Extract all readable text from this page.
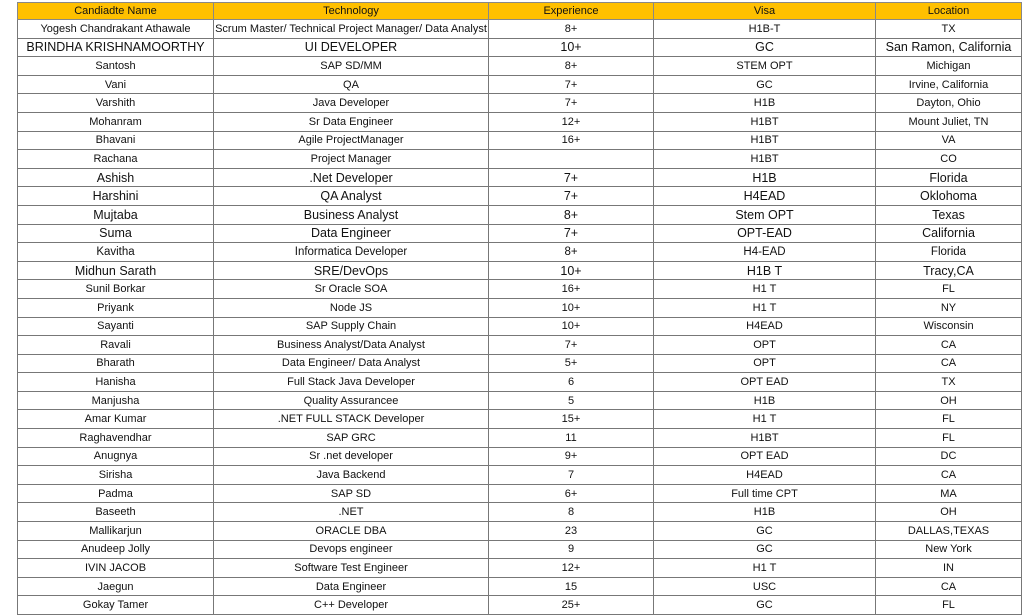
Candiadte Name	Technology	Experience	Visa	Location
Yogesh Chandrakant Athawale	Scrum Master/ Technical Project Manager/ Data Analyst	8+	H1B-T	TX
BRINDHA KRISHNAMOORTHY	UI DEVELOPER	10+	GC	San Ramon, California
Santosh	SAP SD/MM	8+	STEM OPT	Michigan
Vani	QA	7+	GC	Irvine, California
Varshith	Java Developer	7+	H1B	Dayton, Ohio
Mohanram	Sr Data Engineer	12+	H1BT	Mount Juliet, TN
Bhavani	Agile ProjectManager	16+	H1BT	VA
Rachana	Project Manager		H1BT	CO
Ashish	.Net Developer	7+	H1B	Florida
Harshini	QA Analyst	7+	H4EAD	Oklohoma
Mujtaba	Business Analyst	8+	Stem OPT	Texas
Suma	Data Engineer	7+	OPT-EAD	California
Kavitha	Informatica Developer	8+	H4-EAD	Florida
Midhun Sarath	SRE/DevOps	10+	H1B T	Tracy,CA
Sunil Borkar	Sr Oracle SOA	16+	H1 T	FL
Priyank	Node JS	10+	H1 T	NY
Sayanti	SAP Supply Chain	10+	H4EAD	Wisconsin
Ravali	Business Analyst/Data Analyst	7+	OPT	CA
Bharath	Data Engineer/ Data Analyst	5+	OPT	CA
Hanisha	Full Stack Java Developer	6	OPT EAD	TX
Manjusha	Quality Assurancee	5	H1B	OH
Amar Kumar	.NET FULL STACK Developer	15+	H1 T	FL
Raghavendhar	SAP GRC	11	H1BT	FL
Anugnya	Sr .net developer	9+	OPT EAD	DC
Sirisha	Java Backend	7	H4EAD	CA
Padma	SAP SD	6+	Full time CPT	MA
Baseeth	.NET	8	H1B	OH
Mallikarjun	ORACLE DBA	23	GC	DALLAS,TEXAS
Anudeep Jolly	Devops engineer	9	GC	New York
IVIN JACOB	Software Test Engineer	12+	H1 T	IN
Jaegun	Data Engineer	15	USC	CA
Gokay Tamer	C++ Developer	25+	GC	FL
